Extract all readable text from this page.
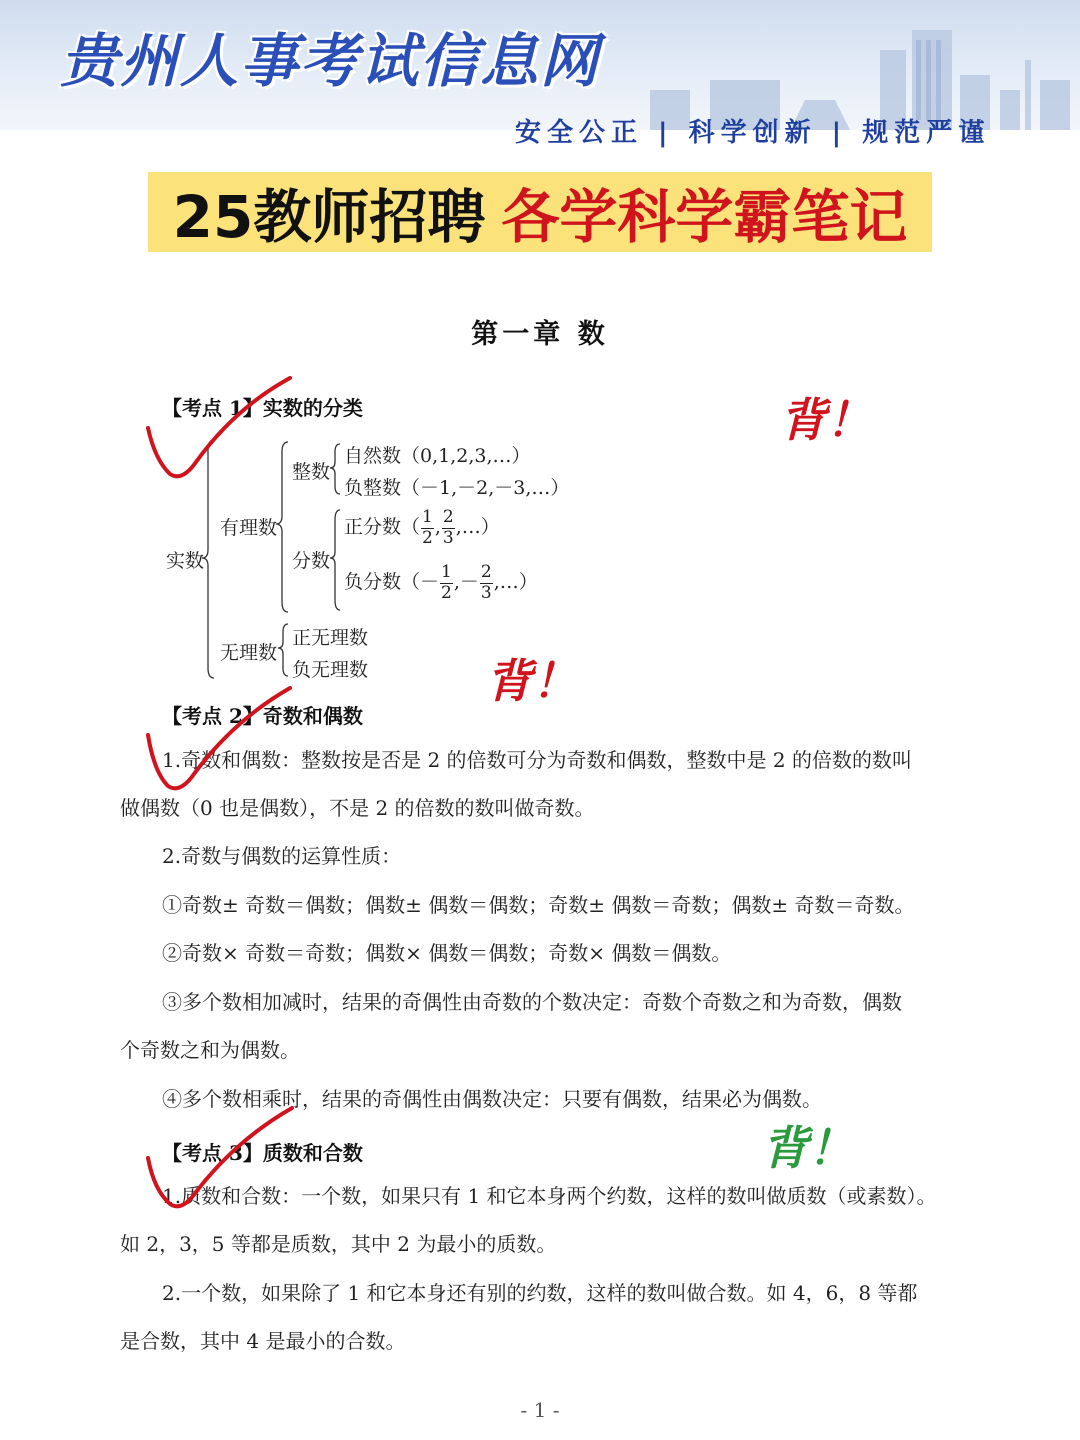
贵州人事考试信息网
安全公正 | 科学创新 | 规范严谨
25教师招聘 各学科学霸笔记
第一章 数
【考点 1】实数的分类
实数
有理数
无理数
整数
分数
自然数（0,1,2,3,…）
负整数（－1,－2,－3,…）
正分数（ $\frac{1}{2}$ , $\frac{2}{3}$ ,…）
负分数（－ $\frac{1}{2}$ ,－ $\frac{2}{3}$ ,…）
正无理数
负无理数
【考点 2】奇数和偶数
1.奇数和偶数：整数按是否是 2 的倍数可分为奇数和偶数，整数中是 2 的倍数的数叫
做偶数（0 也是偶数），不是 2 的倍数的数叫做奇数。
2.奇数与偶数的运算性质：
①奇数± 奇数＝偶数；偶数± 偶数＝偶数；奇数± 偶数＝奇数；偶数± 奇数＝奇数。
②奇数× 奇数＝奇数；偶数× 偶数＝偶数；奇数× 偶数＝偶数。
③多个数相加减时，结果的奇偶性由奇数的个数决定：奇数个奇数之和为奇数，偶数
个奇数之和为偶数。
④多个数相乘时，结果的奇偶性由偶数决定：只要有偶数，结果必为偶数。
【考点 3】质数和合数
1.质数和合数：一个数，如果只有 1 和它本身两个约数，这样的数叫做质数（或素数）。
如 2，3，5 等都是质数，其中 2 为最小的质数。
2.一个数，如果除了 1 和它本身还有别的约数，这样的数叫做合数。如 4，6，8 等都
是合数，其中 4 是最小的合数。
- 1 -
背！
背！
背！
